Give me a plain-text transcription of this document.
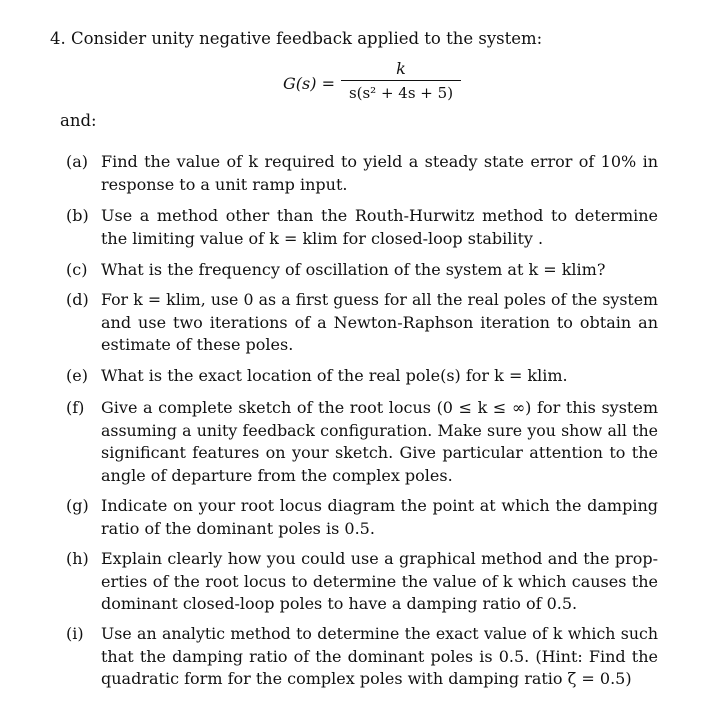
4. Consider unity negative feedback applied to the system:
G(s) =
k
s(s² + 4s + 5)
and:
(a) Find the value of k required to yield a steady state error of 10% in
response to a unit ramp input.
(b) Use a method other than the Routh-Hurwitz method to determine
the limiting value of k = klim for closed-loop stability .
(c) What is the frequency of oscillation of the system at k = klim?
(d) For k = klim, use 0 as a first guess for all the real poles of the system
and use two iterations of a Newton-Raphson iteration to obtain an
estimate of these poles.
(e) What is the exact location of the real pole(s) for k = klim.
(f)	Give a complete sketch of the root locus (0 ≤ k ≤ ∞) for this system
assuming a unity feedback configuration. Make sure you show all the
significant features on your sketch. Give particular attention to the
angle of departure from the complex poles.
(g) Indicate on your root locus diagram the point at which the damping
ratio of the dominant poles is 0.5.
(h) Explain clearly how you could use a graphical method and the prop-
erties of the root locus to determine the value of k which causes the
dominant closed-loop poles to have a damping ratio of 0.5.
(i)	Use an analytic method to determine the exact value of k which such
that the damping ratio of the dominant poles is 0.5. (Hint: Find the
quadratic form for the complex poles with damping ratio ζ = 0.5)
